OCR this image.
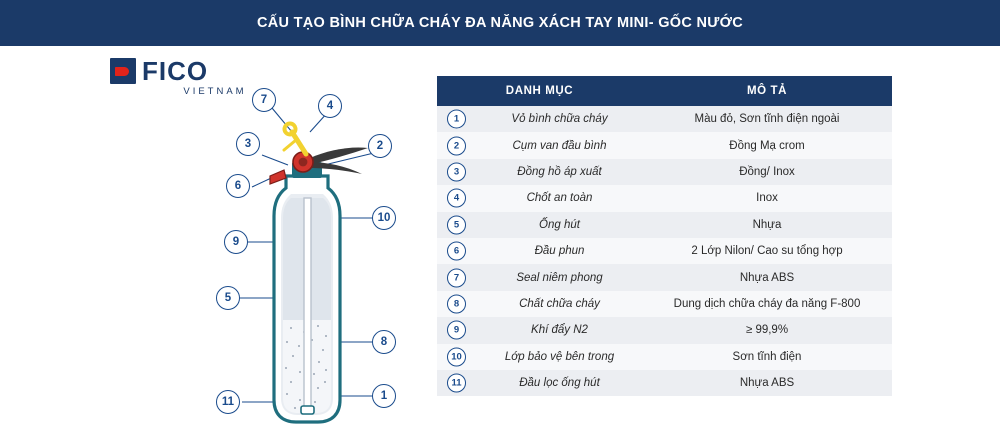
CẤU TẠO BÌNH CHỮA CHÁY ĐA NĂNG XÁCH TAY MINI- GỐC NƯỚC
FICO
VIETNAM
7	4
3	2
6
10
9
5
8
11	1
DANH MỤC	MÔ TẢ

1 Vỏ bình chữa cháy	Màu đỏ, Sơn tĩnh điện ngoài

2 Cụm van đầu bình	Đồng Mạ crom

3 Đồng hồ áp xuất	Đồng/ Inox

4 Chốt an toàn	Inox

5 Ống hút	Nhựa

6 Đầu phun	2 Lớp Nilon/ Cao su tổng hợp

7 Seal niêm phong	Nhựa ABS

8 Chất chữa cháy	Dung dịch chữa cháy đa năng F-800

9 Khí đẩy N2	≥ 99,9%

10 Lớp bảo vệ bên trong	Sơn tĩnh điện

11 Đầu lọc ống hút	Nhựa ABS
